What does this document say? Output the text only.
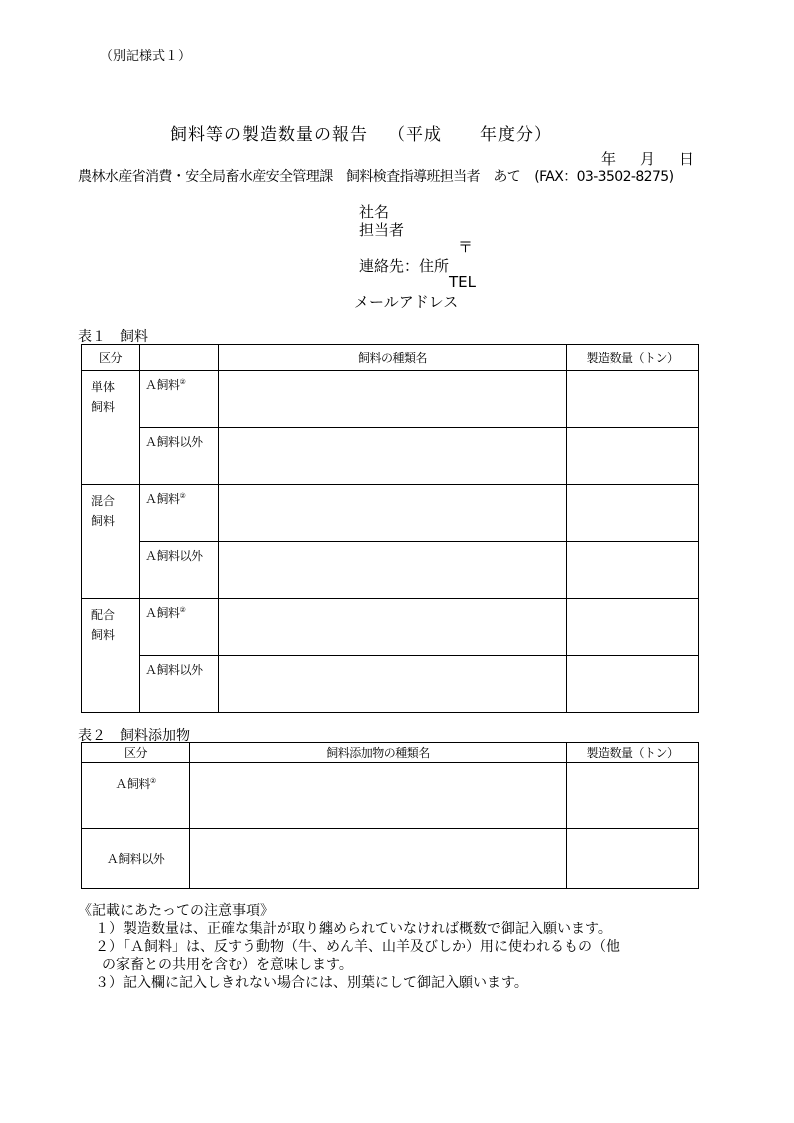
（別記様式１）
飼料等の製造数量の報告 （平成 年度分）
年 月 日
農林水産省消費・安全局畜水産安全管理課　飼料検査指導班担当者　あて (FAX：03-3502-8275)
社名
担当者
〒
連絡先：住所
TEL
メールアドレス
表１　飼料
区分		飼料の種類名	製造数量（トン）
単体
飼料	Ａ飼料②		
	Ａ飼料以外		
混合
飼料	Ａ飼料②		
	Ａ飼料以外		
配合
飼料	Ａ飼料②		
	Ａ飼料以外		
表２　飼料添加物
区分	飼料添加物の種類名	製造数量（トン）
Ａ飼料②		
Ａ飼料以外		
《記載にあたっての注意事項》
１）製造数量は、正確な集計が取り纏められていなければ概数で御記入願います。
２）「Ａ飼料」は、反すう動物（牛、めん羊、山羊及びしか）用に使われるもの（他
の家畜との共用を含む）を意味します。
３）記入欄に記入しきれない場合には、別葉にして御記入願います。
